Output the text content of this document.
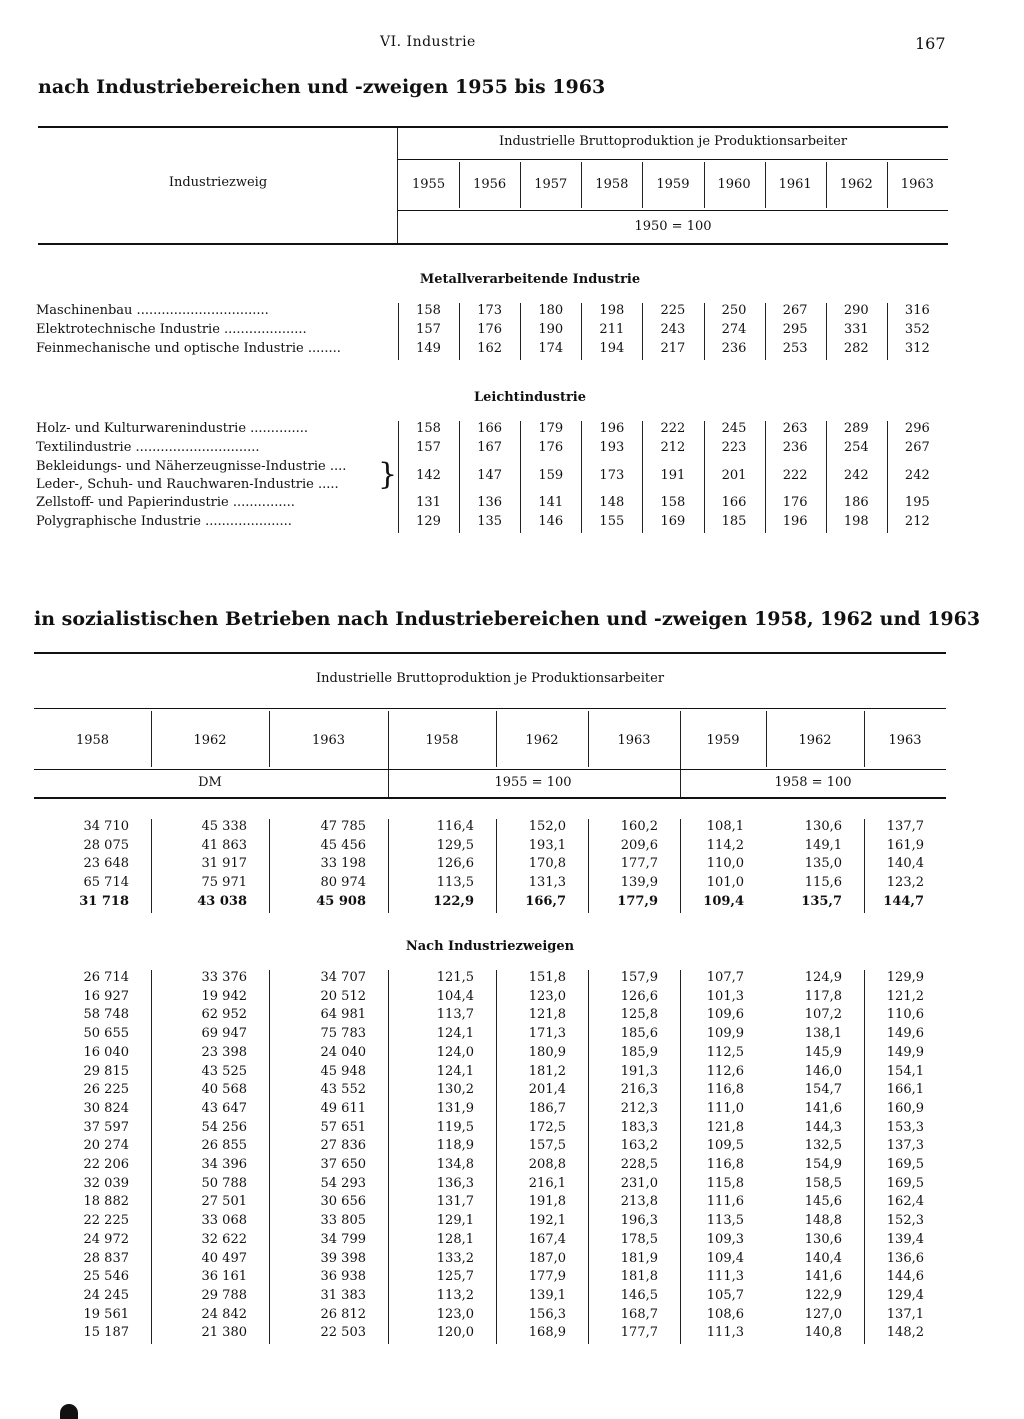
VI. Industrie	167
nach Industriebereichen und -zweigen 1955 bis 1963
Industrielle Bruttoproduktion je Produktionsarbeiter
Industriezweig	1955	1956	1957	1958	1959	1960	1961	1962	1963
1950 = 100
Metallverarbeitende Industrie
Maschinenbau ................................	158	173	180	198	225	250	267	290	316
Elektrotechnische Industrie ....................	157	176	190	211	243	274	295	331	352
Feinmechanische und optische Industrie ........	149	162	174	194	217	236	253	282	312
Leichtindustrie
Holz- und Kulturwarenindustrie ..............	158	166	179	196	222	245	263	289	296
Textilindustrie ..............................	157	167	176	193	212	223	236	254	267
Bekleidungs- und Näherzeugnisse-Industrie ....
Leder-, Schuh- und Rauchwaren-Industrie .....	}	142	147	159	173	191	201	222	242	242
Zellstoff- und Papierindustrie ...............	131	136	141	148	158	166	176	186	195
Polygraphische Industrie .....................	129	135	146	155	169	185	196	198	212
in sozialistischen Betrieben nach Industriebereichen und -zweigen 1958, 1962 und 1963
Industrielle Bruttoproduktion je Produktionsarbeiter
1958	1962	1963	1958	1962	1963	1959	1962	1963
DM	1955 = 100	1958 = 100
Nach Industriezweigen
34 710	45 338	47 785	116,4	152,0	160,2	108,1	130,6	137,7
28 075	41 863	45 456	129,5	193,1	209,6	114,2	149,1	161,9
23 648	31 917	33 198	126,6	170,8	177,7	110,0	135,0	140,4
65 714	75 971	80 974	113,5	131,3	139,9	101,0	115,6	123,2
31 718	43 038	45 908	122,9	166,7	177,9	109,4	135,7	144,7
26 714	33 376	34 707	121,5	151,8	157,9	107,7	124,9	129,9
16 927	19 942	20 512	104,4	123,0	126,6	101,3	117,8	121,2
58 748	62 952	64 981	113,7	121,8	125,8	109,6	107,2	110,6
50 655	69 947	75 783	124,1	171,3	185,6	109,9	138,1	149,6
16 040	23 398	24 040	124,0	180,9	185,9	112,5	145,9	149,9
29 815	43 525	45 948	124,1	181,2	191,3	112,6	146,0	154,1
26 225	40 568	43 552	130,2	201,4	216,3	116,8	154,7	166,1
30 824	43 647	49 611	131,9	186,7	212,3	111,0	141,6	160,9
37 597	54 256	57 651	119,5	172,5	183,3	121,8	144,3	153,3
20 274	26 855	27 836	118,9	157,5	163,2	109,5	132,5	137,3
22 206	34 396	37 650	134,8	208,8	228,5	116,8	154,9	169,5
32 039	50 788	54 293	136,3	216,1	231,0	115,8	158,5	169,5
18 882	27 501	30 656	131,7	191,8	213,8	111,6	145,6	162,4
22 225	33 068	33 805	129,1	192,1	196,3	113,5	148,8	152,3
24 972	32 622	34 799	128,1	167,4	178,5	109,3	130,6	139,4
28 837	40 497	39 398	133,2	187,0	181,9	109,4	140,4	136,6
25 546	36 161	36 938	125,7	177,9	181,8	111,3	141,6	144,6
24 245	29 788	31 383	113,2	139,1	146,5	105,7	122,9	129,4
19 561	24 842	26 812	123,0	156,3	168,7	108,6	127,0	137,1
15 187	21 380	22 503	120,0	168,9	177,7	111,3	140,8	148,2
